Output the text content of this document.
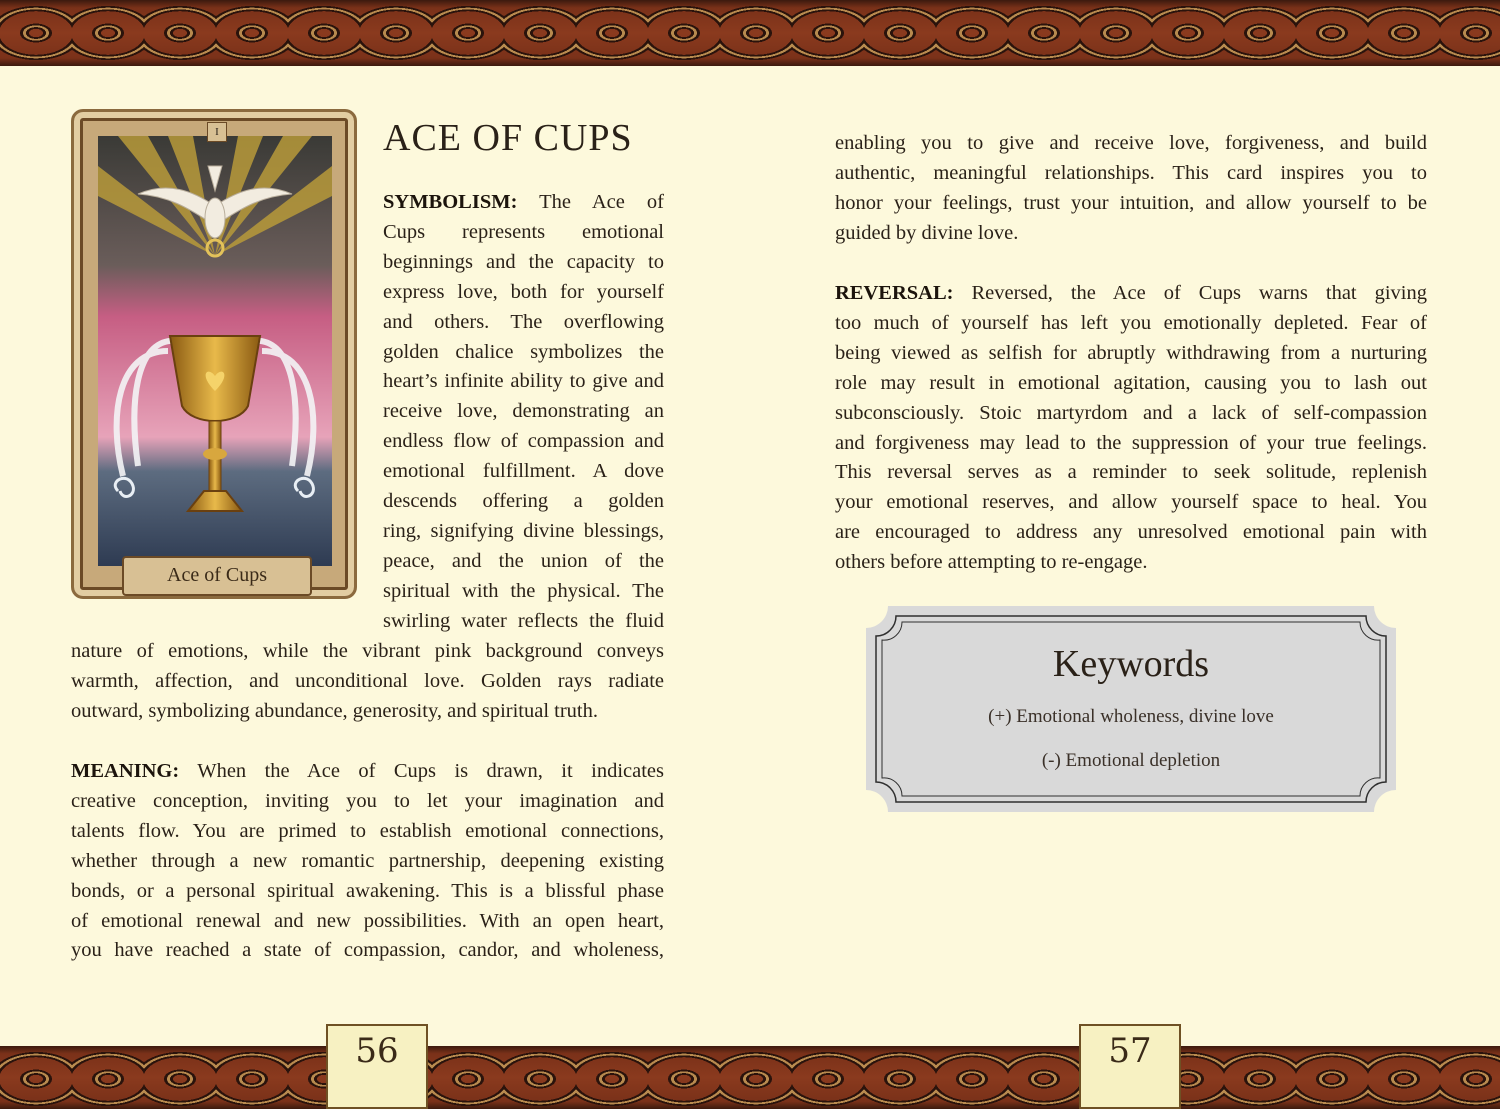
56	57
I
Ace of Cups
ACE OF CUPS

SYMBOLISM: The Ace of
Cups represents emotional
beginnings and the capacity to
express love, both for yourself
and others. The overflowing
golden chalice symbolizes the
heart’s infinite ability to give and
receive love, demonstrating an
endless flow of compassion and
emotional fulfillment. A dove
descends offering a golden
ring, signifying divine blessings,
peace, and the union of the
spiritual with the physical. The
swirling water reflects the fluid

nature of emotions, while the vibrant pink background conveys
warmth, affection, and unconditional love. Golden rays radiate
outward, symbolizing abundance, generosity, and spiritual truth.

MEANING: When the Ace of Cups is drawn, it indicates
creative conception, inviting you to let your imagination and
talents flow. You are primed to establish emotional connections,
whether through a new romantic partnership, deepening existing
bonds, or a personal spiritual awakening. This is a blissful phase
of emotional renewal and new possibilities. With an open heart,
you have reached a state of compassion, candor, and wholeness,

enabling you to give and receive love, forgiveness, and build
authentic, meaningful relationships. This card inspires you to
honor your feelings, trust your intuition, and allow yourself to be
guided by divine love.

REVERSAL: Reversed, the Ace of Cups warns that giving
too much of yourself has left you emotionally depleted. Fear of
being viewed as selfish for abruptly withdrawing from a nurturing
role may result in emotional agitation, causing you to lash out
subconsciously. Stoic martyrdom and a lack of self-compassion
and forgiveness may lead to the suppression of your true feelings.
This reversal serves as a reminder to seek solitude, replenish
your emotional reserves, and allow yourself space to heal. You
are encouraged to address any unresolved emotional pain with
others before attempting to re-engage.

Keywords
(+) Emotional wholeness, divine love
(-) Emotional depletion
